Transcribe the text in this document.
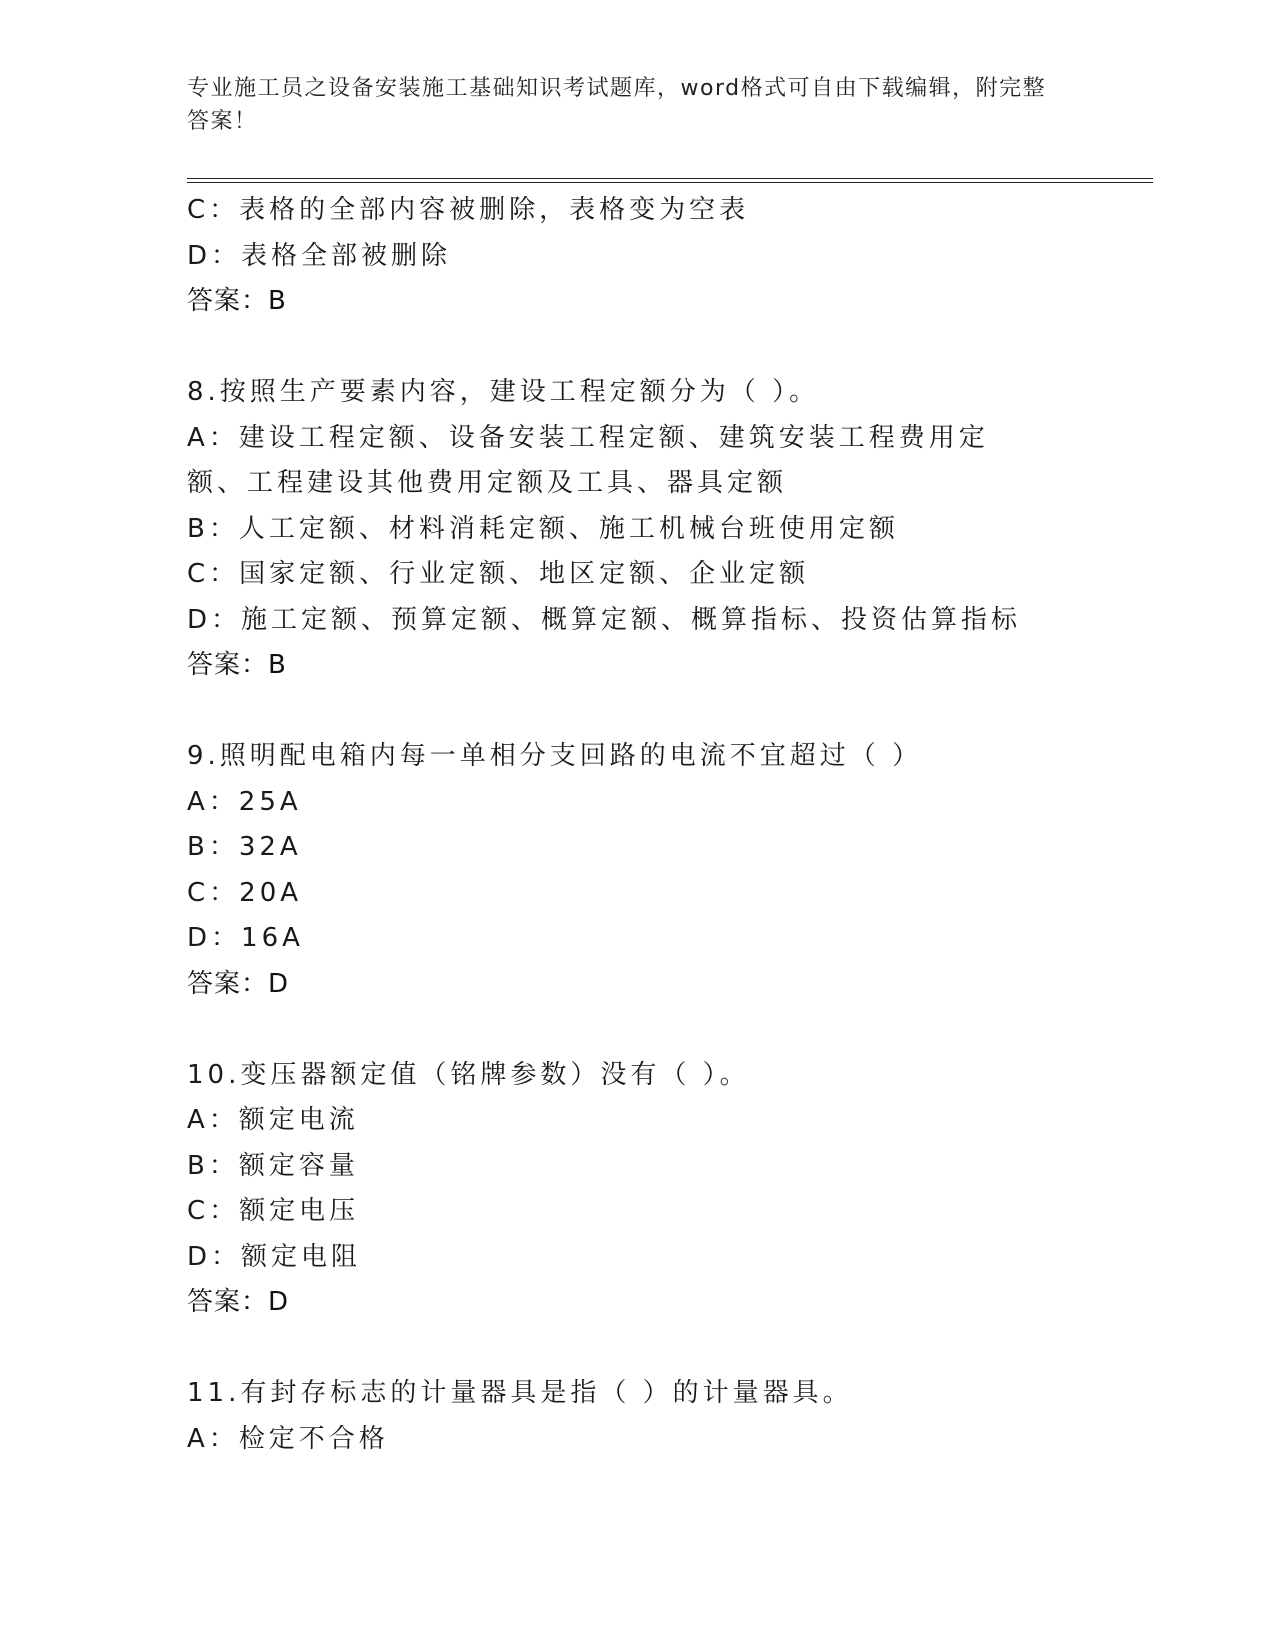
专业施工员之设备安装施工基础知识考试题库，word格式可自由下载编辑，附完整答案！
C：表格的全部内容被删除，表格变为空表
D：表格全部被删除
答案：B
8.按照生产要素内容，建设工程定额分为（ ）。
A：建设工程定额、设备安装工程定额、建筑安装工程费用定额、工程建设其他费用定额及工具、器具定额
B：人工定额、材料消耗定额、施工机械台班使用定额
C：国家定额、行业定额、地区定额、企业定额
D：施工定额、预算定额、概算定额、概算指标、投资估算指标
答案：B
9.照明配电箱内每一单相分支回路的电流不宜超过（ ）
A：25A
B：32A
C：20A
D：16A
答案：D
10.变压器额定值（铭牌参数）没有（ ）。
A：额定电流
B：额定容量
C：额定电压
D：额定电阻
答案：D
11.有封存标志的计量器具是指（ ）的计量器具。
A：检定不合格
